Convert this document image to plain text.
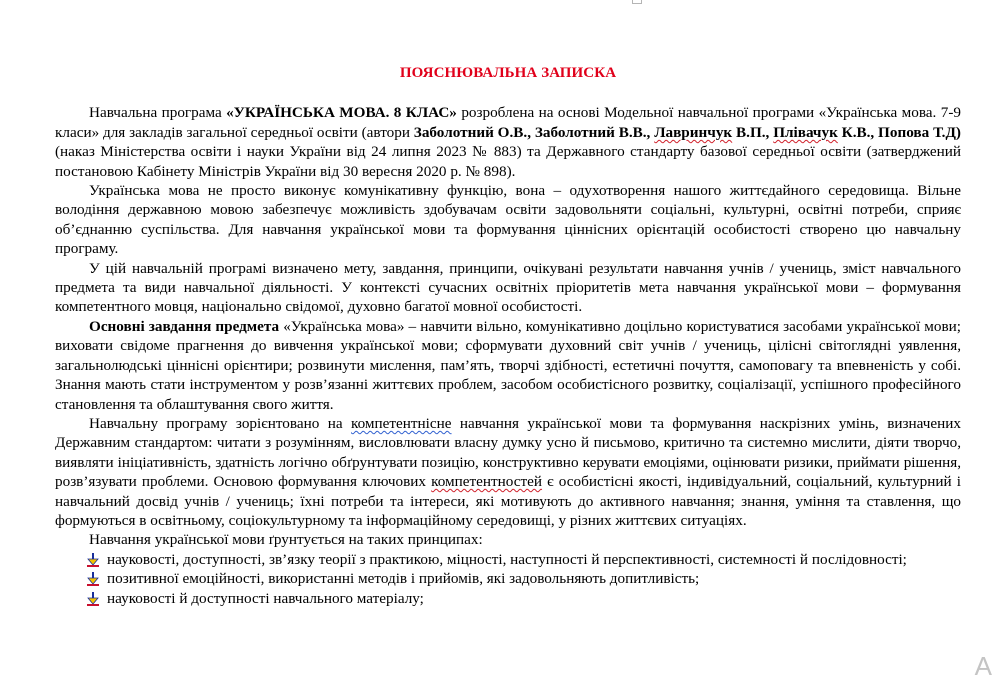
ПОЯСНЮВАЛЬНА ЗАПИСКА

Навчальна програма «УКРАЇНСЬКА МОВА. 8 КЛАС» розроблена на основі Модельної навчальної програми «Українська мова. 7-9 класи» для закладів загальної середньої освіти (автори Заболотний О.В., Заболотний В.В., Лавринчук В.П., Плівачук К.В., Попова Т.Д) (наказ Міністерства освіти і науки України від 24 липня 2023 № 883) та Державного стандарту базової середньої освіти (затверджений постановою Кабінету Міністрів України від 30 вересня 2020 р. № 898).

Українська мова не просто виконує комунікативну функцію, вона – одухотворення нашого життєдайного середовища. Вільне володіння державною мовою забезпечує можливість здобувачам освіти задовольняти соціальні, культурні, освітні потреби, сприяє об’єднанню суспільства. Для навчання української мови та формування ціннісних орієнтацій особистості створено цю навчальну програму.

У цій навчальній програмі визначено мету, завдання, принципи, очікувані результати навчання учнів / учениць, зміст навчального предмета та види навчальної діяльності. У контексті сучасних освітніх пріоритетів мета навчання української мови – формування компетентного мовця, національно свідомої, духовно багатої мовної особистості.

Основні завдання предмета «Українська мова» – навчити вільно, комунікативно доцільно користуватися засобами української мови; виховати свідоме прагнення до вивчення української мови; сформувати духовний світ учнів / учениць, цілісні світоглядні уявлення, загальнолюдські ціннісні орієнтири; розвинути мислення, пам’ять, творчі здібності, естетичні почуття, самоповагу та впевненість у собі. Знання мають стати інструментом у розв’язанні життєвих проблем, засобом особистісного розвитку, соціалізації, успішного професійного становлення та облаштування свого життя.

Навчальну програму зорієнтовано на компетентнісне навчання української мови та формування наскрізних умінь, визначених Державним стандартом: читати з розумінням, висловлювати власну думку усно й письмово, критично та системно мислити, діяти творчо, виявляти ініціативність, здатність логічно обґрунтувати позицію, конструктивно керувати емоціями, оцінювати ризики, приймати рішення, розв’язувати проблеми. Основою формування ключових компетентностей є особистісні якості, індивідуальний, соціальний, культурний і навчальний досвід учнів / учениць; їхні потреби та інтереси, які мотивують до активного навчання; знання, уміння та ставлення, що формуються в освітньому, соціокультурному та інформаційному середовищі, у різних життєвих ситуаціях.

Навчання української мови ґрунтується на таких принципах:

науковості, доступності, зв’язку теорії з практикою, міцності, наступності й перспективності, системності й послідовності;
позитивної емоційності, використанні методів і прийомів, які задовольняють допитливість;
науковості й доступності навчального матеріалу;
A
